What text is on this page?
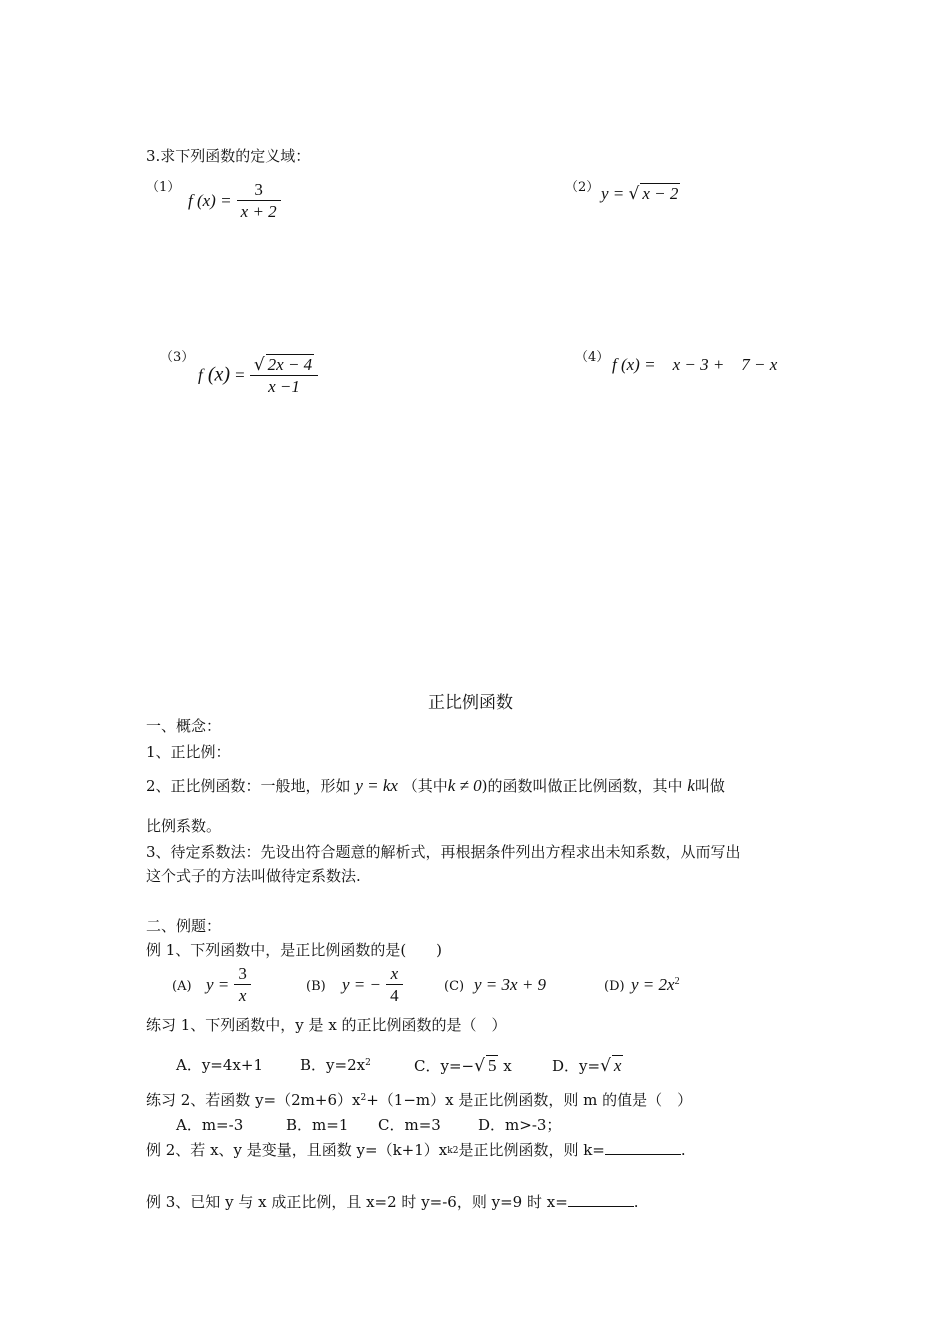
3.求下列函数的定义域：
（1）
f $(x) = \frac{3}{x + 2}$	（2） y = √ x − 2
（3）
f $(x) = \frac{√ 2x - 4}{x -1}$	（4） f (x) =    x − 3 +    7 − x
正比例函数
一、概念：
1、正比例：
2、正比例函数：一般地，形如 y = kx （其中k ≠ 0)的函数叫做正比例函数，其中 k叫做
比例系数。
3、待定系数法：先设出符合题意的解析式，再根据条件列出方程求出未知系数，从而写出
这个式子的方法叫做待定系数法.
二、例题：
例 1、下列函数中，是正比例函数的是(　　)
(A) $y = \frac{3}{x}$	(B) y = − $\frac{x}{4}$	(C) y = 3x + 9	(D) $y = 2x^2$
练习 1、下列函数中，y 是 x 的正比例函数的是（　）
A．y=4x+1 B．$y=2x^2$	C．y=−√ 5 x	D．y=√ x
练习 2、若函数 $y=(2m+6)x^2+(1-m)x$ 是正比例函数，则 m 的值是（　）
A．m=-3	B．m=1 C．m=3 D．m>-3；
例 2、若 x、y 是变量，且函数 y=（k+1）xk2是正比例函数，则 k=	.
例 3、已知 y 与 x 成正比例，且 x=2 时 y=-6，则 y=9 时 x=	.
